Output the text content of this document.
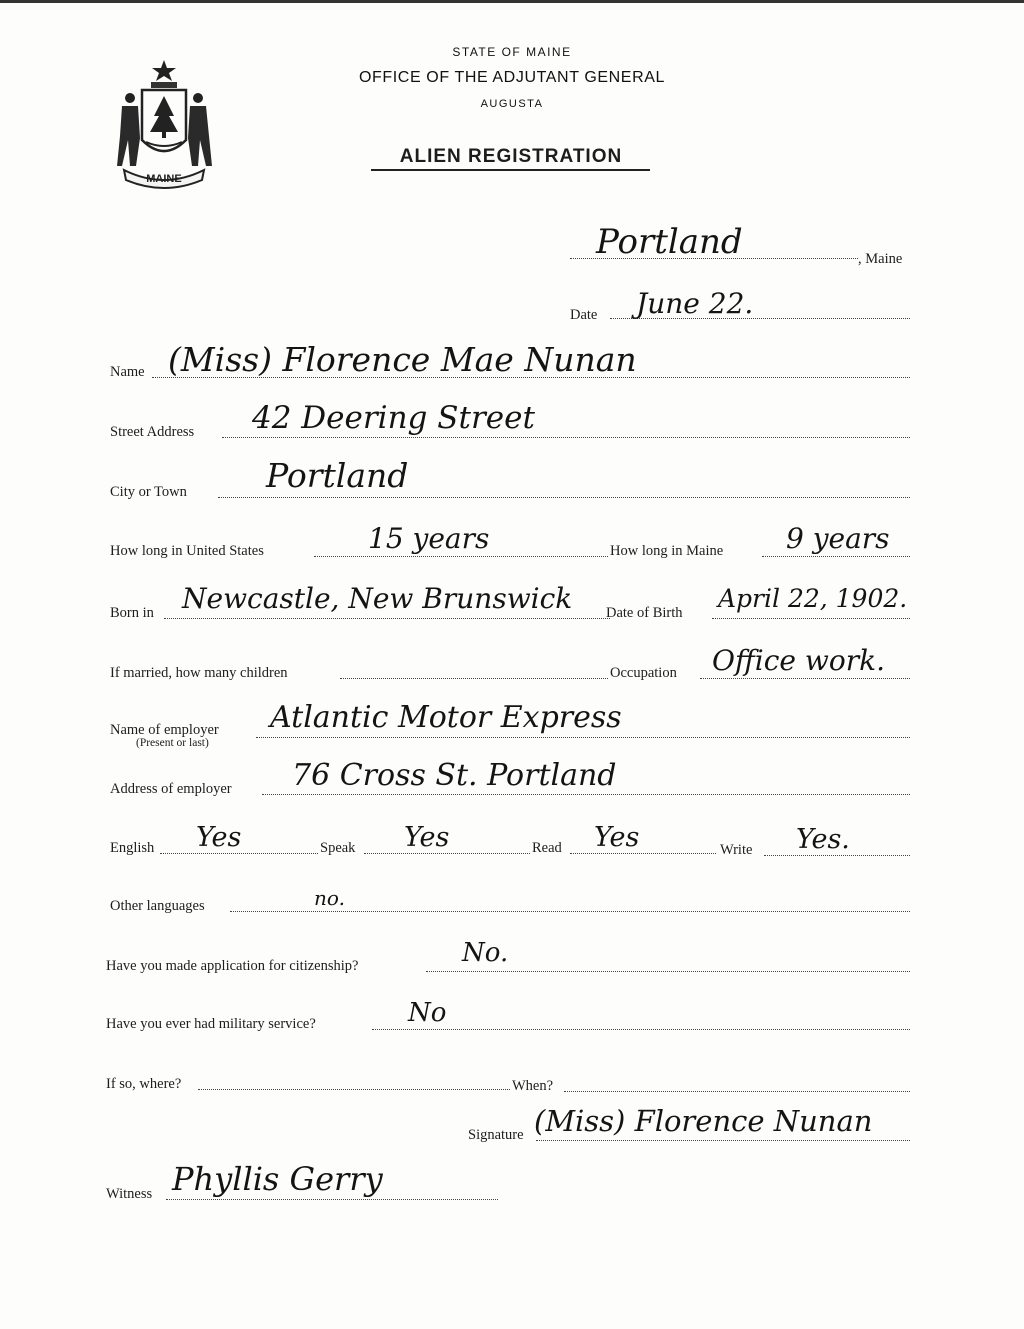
MAINE
STATE OF MAINE
OFFICE OF THE ADJUTANT GENERAL
AUGUSTA
ALIEN REGISTRATION
Portland	, Maine
Date June 22.
Name (Miss) Florence Mae Nunan
Street Address 42 Deering Street
City or Town Portland
How long in United States	15 years	How long in Maine 9 years
Born in Newcastle, New Brunswick Date of Birth April 22, 1902.
If married, how many children	Occupation Office work.
Name of employer
(Present or last)
Atlantic Motor Express
Address of employer 76 Cross St. Portland
English Yes	Speak Yes	Read Yes	Write Yes.
Other languages	no.
Have you made application for citizenship?	No.
Have you ever had military service?	No
If so, where?	When?
Signature (Miss) Florence Nunan
Witness Phyllis Gerry
